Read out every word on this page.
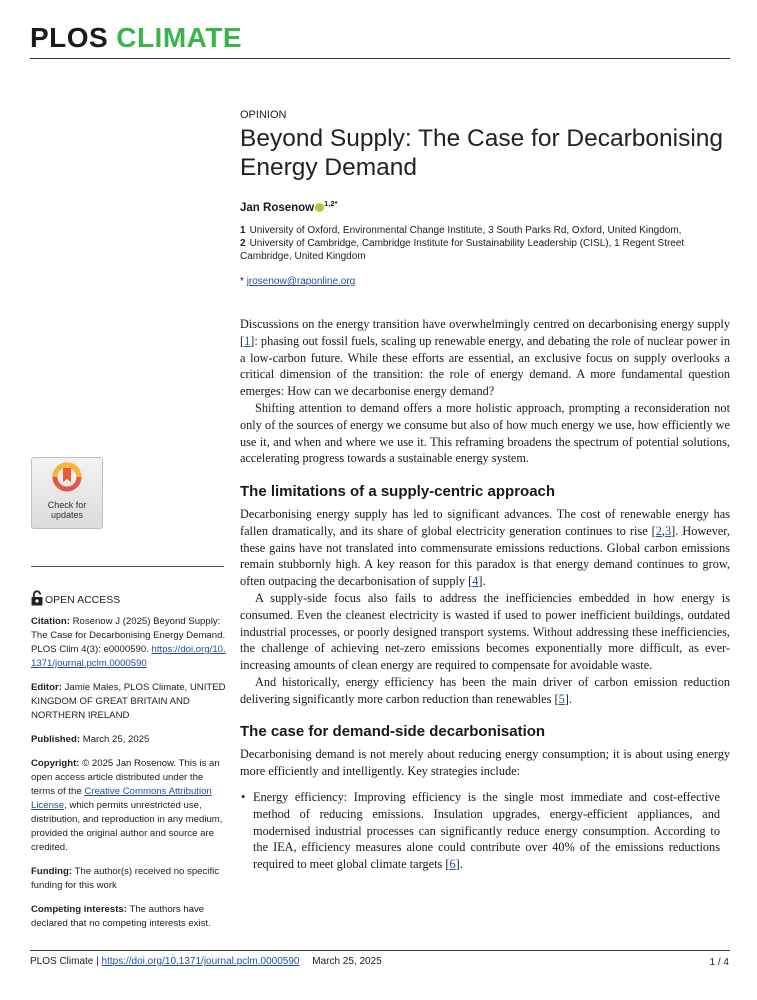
PLOS CLIMATE
OPINION
Beyond Supply: The Case for Decarbonising Energy Demand
Jan Rosenow $^{1,2*}$
1 University of Oxford, Environmental Change Institute, 3 South Parks Rd, Oxford, United Kingdom,
2 University of Cambridge, Cambridge Institute for Sustainability Leadership (CISL), 1 Regent Street Cambridge, United Kingdom
* jrosenow@raponline.org

Discussions on the energy transition have overwhelmingly centred on decarbonising energy supply [1]: phasing out fossil fuels, scaling up renewable energy, and debating the role of nuclear power in a low-carbon future. While these efforts are essential, an exclusive focus on supply overlooks a critical dimension of the transition: the role of energy demand. A more fundamental question emerges: How can we decarbonise energy demand?

Shifting attention to demand offers a more holistic approach, prompting a reconsideration not only of the sources of energy we consume but also of how much energy we use, how efficiently we use it, and when and where we use it. This reframing broadens the spectrum of potential solutions, accelerating progress towards a sustainable energy system.

The limitations of a supply-centric approach

Decarbonising energy supply has led to significant advances. The cost of renewable energy has fallen dramatically, and its share of global electricity generation continues to rise [2,3]. However, these gains have not translated into commensurate emissions reductions. Global carbon emissions remain stubbornly high. A key reason for this paradox is that energy demand continues to grow, often outpacing the decarbonisation of supply [4].

A supply-side focus also fails to address the inefficiencies embedded in how energy is consumed. Even the cleanest electricity is wasted if used to power inefficient buildings, outdated industrial processes, or poorly designed transport systems. Without addressing these inefficiencies, the challenge of achieving net-zero emissions becomes exponentially more difficult, as ever-increasing amounts of clean energy are required to compensate for avoidable waste.

And historically, energy efficiency has been the main driver of carbon emission reduction delivering significantly more carbon reduction than renewables [5].

The case for demand-side decarbonisation

Decarbonising demand is not merely about reducing energy consumption; it is about using energy more efficiently and intelligently. Key strategies include:

• Energy efficiency: Improving efficiency is the single most immediate and cost-effective method of reducing emissions. Insulation upgrades, energy-efficient appliances, and modernised industrial processes can significantly reduce energy consumption. According to the IEA, efficiency measures alone could contribute over 40% of the emissions reductions required to meet global climate targets [6].
Check for updates
OPEN ACCESS
Citation: Rosenow J (2025) Beyond Supply: The Case for Decarbonising Energy Demand. PLOS Clim 4(3): e0000590. https://doi.org/10.1371/journal.pclm.0000590
Editor: Jamie Males, PLOS Climate, UNITED KINGDOM OF GREAT BRITAIN AND NORTHERN IRELAND
Published: March 25, 2025
Copyright: © 2025 Jan Rosenow. This is an open access article distributed under the terms of the Creative Commons Attribution License, which permits unrestricted use, distribution, and reproduction in any medium, provided the original author and source are credited.
Funding: The author(s) received no specific funding for this work
Competing interests: The authors have declared that no competing interests exist.
PLOS Climate | https://doi.org/10.1371/journal.pclm.0000590 March 25, 2025	1 / 4
